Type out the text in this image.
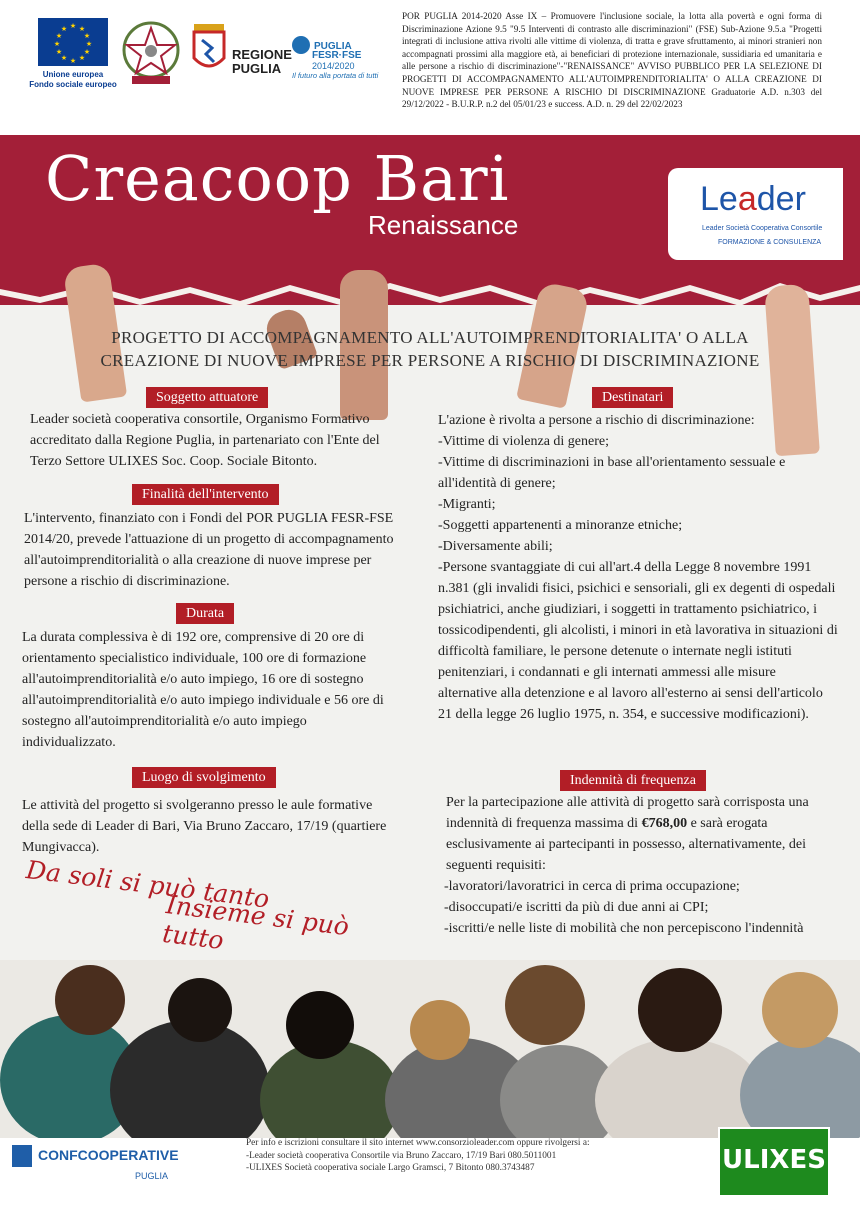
★ ★
★
★
★
★
★
★
★
★
★
★
Unione europea
Fondo sociale europeo
REGIONE
PUGLIA
PUGLIA
FESR·FSE
2014/2020
Il futuro alla portata di tutti
POR PUGLIA 2014-2020 Asse IX – Promuovere l'inclusione sociale, la lotta alla povertà e ogni forma di Discriminazione Azione 9.5 "9.5 Interventi di contrasto alle discriminazioni" (FSE) Sub-Azione 9.5.a "Progetti integrati di inclusione attiva rivolti alle vittime di violenza, di tratta e grave sfruttamento, ai minori stranieri non accompagnati prossimi alla maggiore età, ai beneficiari di protezione internazionale, sussidiaria ed umanitaria e alle persone a rischio di discriminazione"-"RENAISSANCE" AVVISO PUBBLICO PER LA SELEZIONE DI PROGETTI DI ACCOMPAGNAMENTO ALL'AUTOIMPRENDITORIALITA' O ALLA CREAZIONE DI NUOVE IMPRESE PER PERSONE A RISCHIO DI DISCRIMINAZIONE Graduatorie A.D. n.303 del 29/12/2022 - B.U.R.P. n.2 del 05/01/23 e success. A.D. n. 29 del 22/02/2023
Creacoop Bari
Renaissance
Leader
Leader Società Cooperativa Consortile
FORMAZIONE & CONSULENZA
PROGETTO DI ACCOMPAGNAMENTO ALL'AUTOIMPRENDITORIALITA' O ALLA
CREAZIONE DI NUOVE IMPRESE PER PERSONE A RISCHIO DI DISCRIMINAZIONE
Soggetto attuatore
Leader società cooperativa consortile, Organismo Formativo accreditato dalla Regione Puglia, in partenariato con l'Ente del Terzo Settore ULIXES Soc. Coop. Sociale Bitonto.
Finalità dell'intervento
L'intervento, finanziato con i Fondi del POR PUGLIA FESR-FSE 2014/20, prevede l'attuazione di un progetto di accompagnamento all'autoimprenditorialità o alla creazione di nuove imprese per persone a rischio di discriminazione.
Durata
La durata complessiva è di 192 ore, comprensive di 20 ore di orientamento specialistico individuale, 100 ore di formazione all'autoimprenditorialità e/o auto impiego, 16 ore di sostegno all'autoimprenditorialità e/o auto impiego individuale e 56 ore di sostegno all'autoimprenditorialità e/o auto impiego individualizzato.
Luogo di svolgimento
Le attività del progetto si svolgeranno presso le aule formative della sede di Leader di Bari, Via Bruno Zaccaro, 17/19 (quartiere Mungivacca).
Da soli si può tanto
Insieme si può tutto
Destinatari
L'azione è rivolta a persone a rischio di discriminazione:
-Vittime di violenza di genere;
-Vittime di discriminazioni in base all'orientamento sessuale e all'identità di genere;
-Migranti;
-Soggetti appartenenti a minoranze etniche;
-Diversamente abili;
-Persone svantaggiate di cui all'art.4 della Legge 8 novembre 1991 n.381 (gli invalidi fisici, psichici e sensoriali, gli ex degenti di ospedali psichiatrici, anche giudiziari, i soggetti in trattamento psichiatrico, i tossicodipendenti, gli alcolisti, i minori in età lavorativa in situazioni di difficoltà familiare, le persone detenute o internate negli istituti penitenziari, i condannati e gli internati ammessi alle misure alternative alla detenzione e al lavoro all'esterno ai sensi dell'articolo 21 della legge 26 luglio 1975, n. 354, e successive modificazioni).
Indennità di frequenza
Per la partecipazione alle attività di progetto sarà corrisposta una indennità di frequenza massima di €768,00 e sarà erogata esclusivamente ai partecipanti in possesso, alternativamente, dei seguenti requisiti:
-lavoratori/lavoratrici in cerca di prima occupazione;
-disoccupati/e iscritti da più di due anni ai CPI;
-iscritti/e nelle liste di mobilità che non percepiscono l'indennità
CONFCOOPERATIVE
PUGLIA
Per info e iscrizioni consultare il sito internet www.consorzioleader.com oppure rivolgersi a:
-Leader società cooperativa Consortile via Bruno Zaccaro, 17/19 Bari 080.5011001
-ULIXES Società cooperativa sociale Largo Gramsci, 7 Bitonto 080.3743487	ULIXES
